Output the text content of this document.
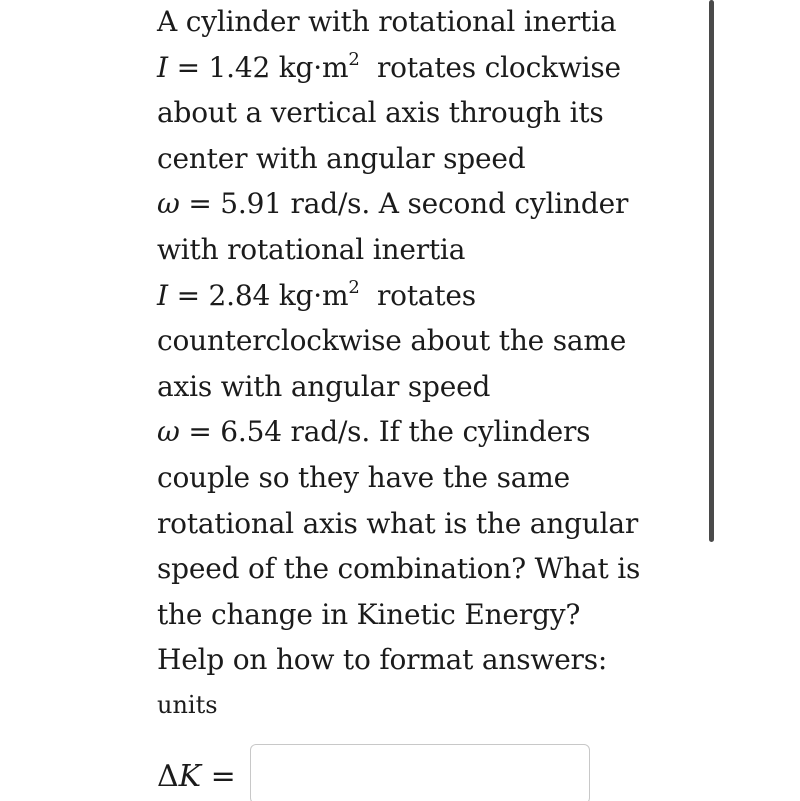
A cylinder with rotational inertia
I = 1.42 $kg\cdot m^2$  rotates clockwise
about a vertical axis through its
center with angular speed
ω = 5.91 rad/s. A second cylinder
with rotational inertia
I = 2.84 $kg\cdot m^2$  rotates
counterclockwise about the same
axis with angular speed
ω = 6.54 rad/s. If the cylinders
couple so they have the same
rotational axis what is the angular
speed of the combination? What is
the change in Kinetic Energy?
Help on how to format answers:
units
ΔK =
